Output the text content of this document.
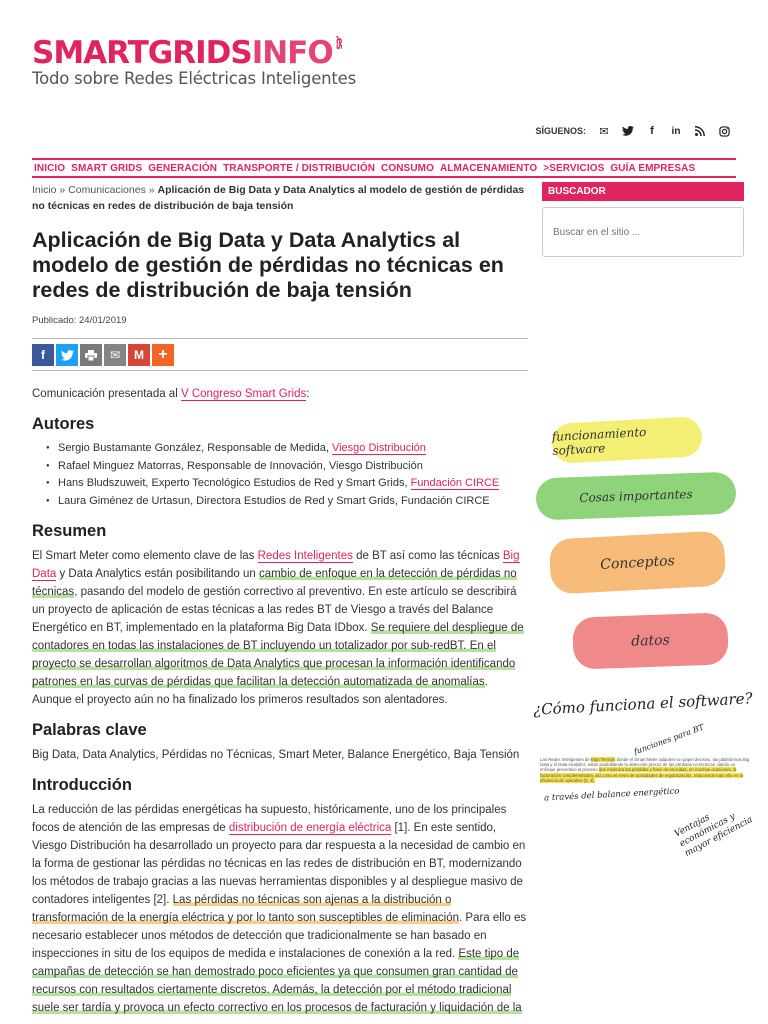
SMARTGRIDSINFO.es
Todo sobre Redes Eléctricas Inteligentes
SÍGUENOS: ✉	f	in
INICIO SMART GRIDS GENERACIÓN TRANSPORTE / DISTRIBUCIÓN CONSUMO ALMACENAMIENTO >SERVICIOS GUÍA EMPRESAS
Inicio » Comunicaciones » Aplicación de Big Data y Data Analytics al modelo de gestión de pérdidas no técnicas en redes de distribución de baja tensión
Aplicación de Big Data y Data Analytics al modelo de gestión de pérdidas no técnicas en redes de distribución de baja tensión
Publicado: 24/01/2019
f	✉	M +

Comunicación presentada al V Congreso Smart Grids:

Autores
● Sergio Bustamante González, Responsable de Medida, Viesgo Distribución
● Rafael Minguez Matorras, Responsable de Innovación, Viesgo Distribución
● Hans Bludszuweit, Experto Tecnológico Estudios de Red y Smart Grids, Fundación CIRCE
● Laura Giménez de Urtasun, Directora Estudios de Red y Smart Grids, Fundación CIRCE
Resumen

El Smart Meter como elemento clave de las Redes Inteligentes de BT así como las técnicas Big Data y Data Analytics están posibilitando un cambio de enfoque en la detección de pérdidas no técnicas, pasando del modelo de gestión correctivo al preventivo. En este artículo se describirá un proyecto de aplicación de estas técnicas a las redes BT de Viesgo a través del Balance Energético en BT, implementado en la plataforma Big Data IDbox. Se requiere del despliegue de contadores en todas las instalaciones de BT incluyendo un totalizador por sub-redBT. En el proyecto se desarrollan algoritmos de Data Analytics que procesan la información identificando patrones en las curvas de pérdidas que facilitan la detección automatizada de anomalías. Aunque el proyecto aún no ha finalizado los primeros resultados son alentadores.

Palabras clave

Big Data, Data Analytics, Pérdidas no Técnicas, Smart Meter, Balance Energético, Baja Tensión

Introducción

La reducción de las pérdidas energéticas ha supuesto, históricamente, uno de los principales focos de atención de las empresas de distribución de energía eléctrica [1]. En este sentido, Viesgo Distribución ha desarrollado un proyecto para dar respuesta a la necesidad de cambio en la forma de gestionar las pérdidas no técnicas en las redes de distribución en BT, modernizando los métodos de trabajo gracias a las nuevas herramientas disponibles y al despliegue masivo de contadores inteligentes [2]. Las pérdidas no técnicas son ajenas a la distribución o transformación de la energía eléctrica y por lo tanto son susceptibles de eliminación. Para ello es necesario establecer unos métodos de detección que tradicionalmente se han basado en inspecciones in situ de los equipos de medida e instalaciones de conexión a la red. Este tipo de campañas de detección se han demostrado poco eficientes ya que consumen gran cantidad de recursos con resultados ciertamente discretos. Además, la detección por el método tradicional suele ser tardía y provoca un efecto correctivo en los procesos de facturación y liquidación de la

BUSCADOR
Buscar en el sitio ...
funcionamiento software
Cosas importantes
Conceptos
datos
¿Cómo funciona el software?
funciones para BT
Las Redes Inteligentes de Baja Tensión donde el Smart Meter adquiere un papel decisivo, las plataformas Big Data y el Data Analytics, están posibilitando la detección precoz de las pérdidas no técnicas, dando un enfoque preventivo al proceso que minimiza las pérdidas y hace reconocidas, en muchas ocasiones, la facturación complementaria, así como el envío de actividades de regularización, reduciendo todo ello en la eficiencia de operativo [3, 4].
a través del balance energético
Ventajas económicas y mayor eficiencia
